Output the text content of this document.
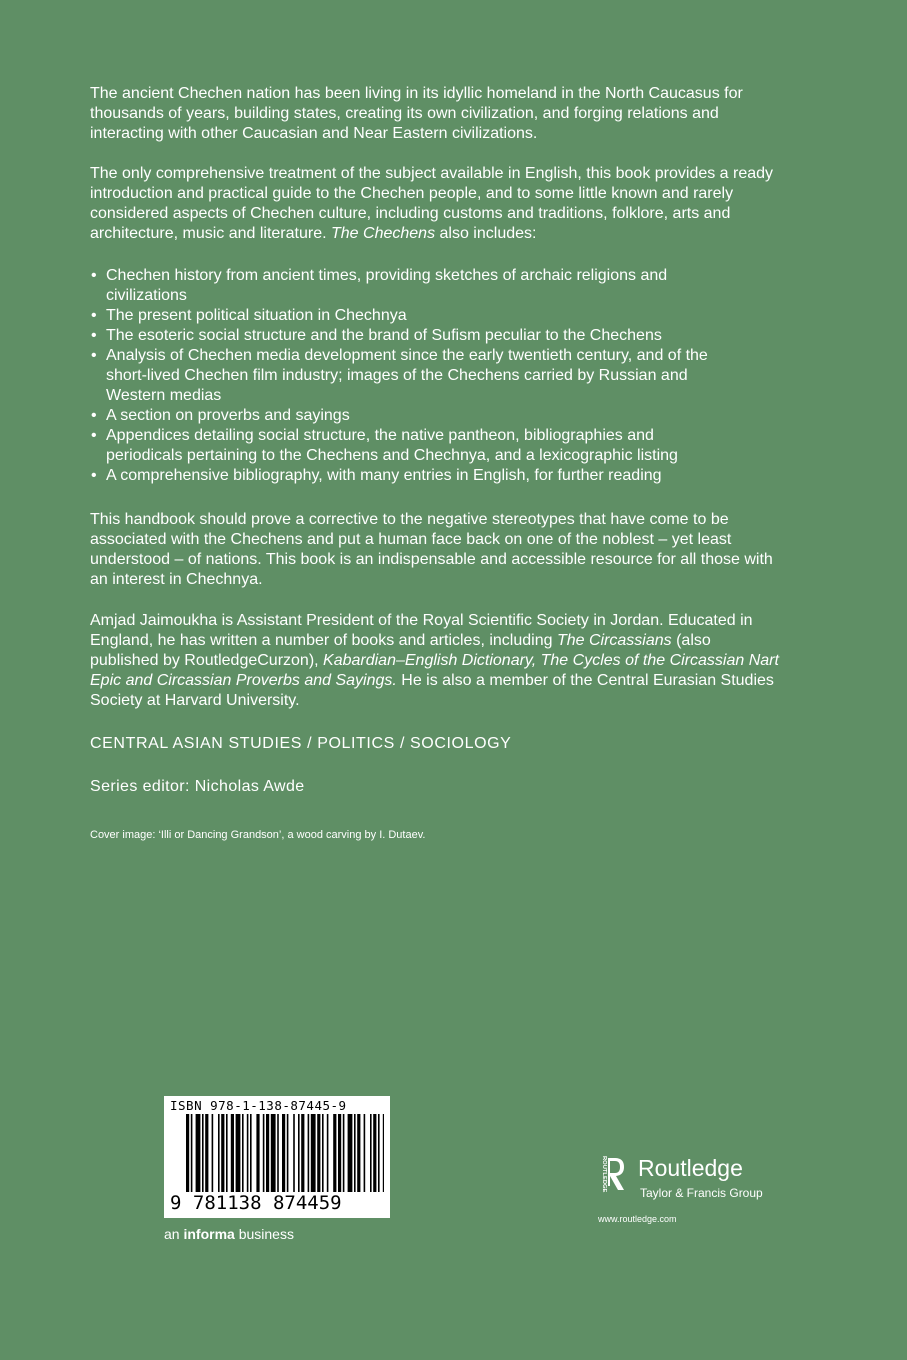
The ancient Chechen nation has been living in its idyllic homeland in the North Caucasus for thousands of years, building states, creating its own civilization, and forging relations and interacting with other Caucasian and Near Eastern civilizations.

The only comprehensive treatment of the subject available in English, this book provides a ready introduction and practical guide to the Chechen people, and to some little known and rarely considered aspects of Chechen culture, including customs and traditions, folklore, arts and architecture, music and literature. The Chechens also includes:

• Chechen history from ancient times, providing sketches of archaic religions and civilizations
• The present political situation in Chechnya
• The esoteric social structure and the brand of Sufism peculiar to the Chechens
• Analysis of Chechen media development since the early twentieth century, and of the short-lived Chechen film industry; images of the Chechens carried by Russian and Western medias
• A section on proverbs and sayings
• Appendices detailing social structure, the native pantheon, bibliographies and periodicals pertaining to the Chechens and Chechnya, and a lexicographic listing
• A comprehensive bibliography, with many entries in English, for further reading

This handbook should prove a corrective to the negative stereotypes that have come to be associated with the Chechens and put a human face back on one of the noblest – yet least understood – of nations. This book is an indispensable and accessible resource for all those with an interest in Chechnya.

Amjad Jaimoukha is Assistant President of the Royal Scientific Society in Jordan. Educated in England, he has written a number of books and articles, including The Circassians (also published by RoutledgeCurzon), Kabardian–English Dictionary, The Cycles of the Circassian Nart Epic and Circassian Proverbs and Sayings. He is also a member of the Central Eurasian Studies Society at Harvard University.

CENTRAL ASIAN STUDIES / POLITICS / SOCIOLOGY
Series editor: Nicholas Awde
Cover image: ‘Illi or Dancing Grandson’, a wood carving by I. Dutaev.
ISBN 978-1-138-87445-9
9 781138 874459
an informa business
ROUTLEDGE Routledge
Taylor & Francis Group
www.routledge.com
